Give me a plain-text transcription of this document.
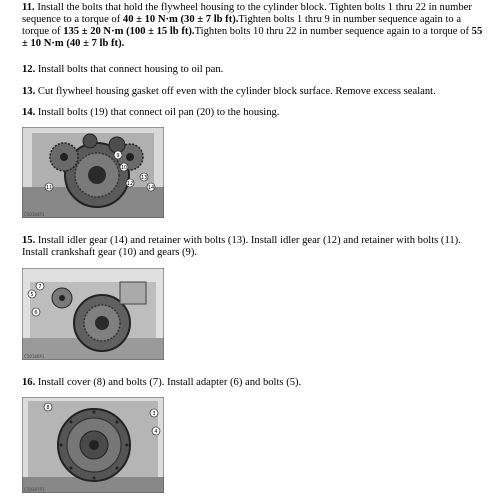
11. Install the bolts that hold the flywheel housing to the cylinder block. Tighten bolts 1 thru 22 in number sequence to a torque of 40 ± 10 N·m (30 ± 7 lb ft).Tighten bolts 1 thru 9 in number sequence again to a torque of 135 ± 20 N·m (100 ± 15 lb ft).Tighten bolts 10 thru 22 in number sequence again to a torque of 55 ± 10 N·m (40 ± 7 lb ft).
12. Install bolts that connect housing to oil pan.
13. Cut flywheel housing gasket off even with the cylinder block surface. Remove excess sealant.
14. Install bolts (19) that connect oil pan (20) to the housing.
9
10
11
12
13
14
C50184P1
15. Install idler gear (14) and retainer with bolts (13). Install idler gear (12) and retainer with bolts (11). Install crankshaft gear (10) and gears (9).
5
6
7
C50186P1
16. Install cover (8) and bolts (7). Install adapter (6) and bolts (5).
8
3
4
C50187P1
